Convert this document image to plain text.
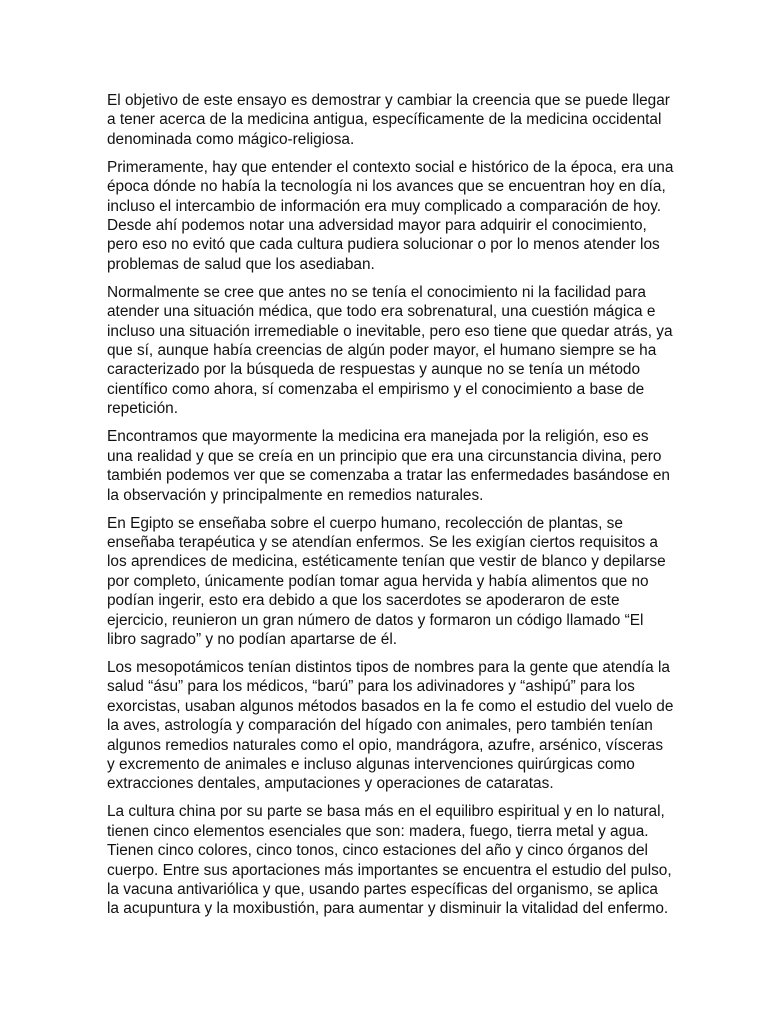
El objetivo de este ensayo es demostrar y cambiar la creencia que se puede llegar
a tener acerca de la medicina antigua, específicamente de la medicina occidental
denominada como mágico-religiosa.

Primeramente, hay que entender el contexto social e histórico de la época, era una
época dónde no había la tecnología ni los avances que se encuentran hoy en día,
incluso el intercambio de información era muy complicado a comparación de hoy.
Desde ahí podemos notar una adversidad mayor para adquirir el conocimiento,
pero eso no evitó que cada cultura pudiera solucionar o por lo menos atender los
problemas de salud que los asediaban.

Normalmente se cree que antes no se tenía el conocimiento ni la facilidad para
atender una situación médica, que todo era sobrenatural, una cuestión mágica e
incluso una situación irremediable o inevitable, pero eso tiene que quedar atrás, ya
que sí, aunque había creencias de algún poder mayor, el humano siempre se ha
caracterizado por la búsqueda de respuestas y aunque no se tenía un método
científico como ahora, sí comenzaba el empirismo y el conocimiento a base de
repetición.

Encontramos que mayormente la medicina era manejada por la religión, eso es
una realidad y que se creía en un principio que era una circunstancia divina, pero
también podemos ver que se comenzaba a tratar las enfermedades basándose en
la observación y principalmente en remedios naturales.

En Egipto se enseñaba sobre el cuerpo humano, recolección de plantas, se
enseñaba terapéutica y se atendían enfermos. Se les exigían ciertos requisitos a
los aprendices de medicina, estéticamente tenían que vestir de blanco y depilarse
por completo, únicamente podían tomar agua hervida y había alimentos que no
podían ingerir, esto era debido a que los sacerdotes se apoderaron de este
ejercicio, reunieron un gran número de datos y formaron un código llamado “El
libro sagrado” y no podían apartarse de él.

Los mesopotámicos tenían distintos tipos de nombres para la gente que atendía la
salud “ásu” para los médicos, “barú” para los adivinadores y “ashipú” para los
exorcistas, usaban algunos métodos basados en la fe como el estudio del vuelo de
la aves, astrología y comparación del hígado con animales, pero también tenían
algunos remedios naturales como el opio, mandrágora, azufre, arsénico, vísceras
y excremento de animales e incluso algunas intervenciones quirúrgicas como
extracciones dentales, amputaciones y operaciones de cataratas.

La cultura china por su parte se basa más en el equilibro espiritual y en lo natural,
tienen cinco elementos esenciales que son: madera, fuego, tierra metal y agua.
Tienen cinco colores, cinco tonos, cinco estaciones del año y cinco órganos del
cuerpo. Entre sus aportaciones más importantes se encuentra el estudio del pulso,
la vacuna antivariólica y que, usando partes específicas del organismo, se aplica
la acupuntura y la moxibustión, para aumentar y disminuir la vitalidad del enfermo.
